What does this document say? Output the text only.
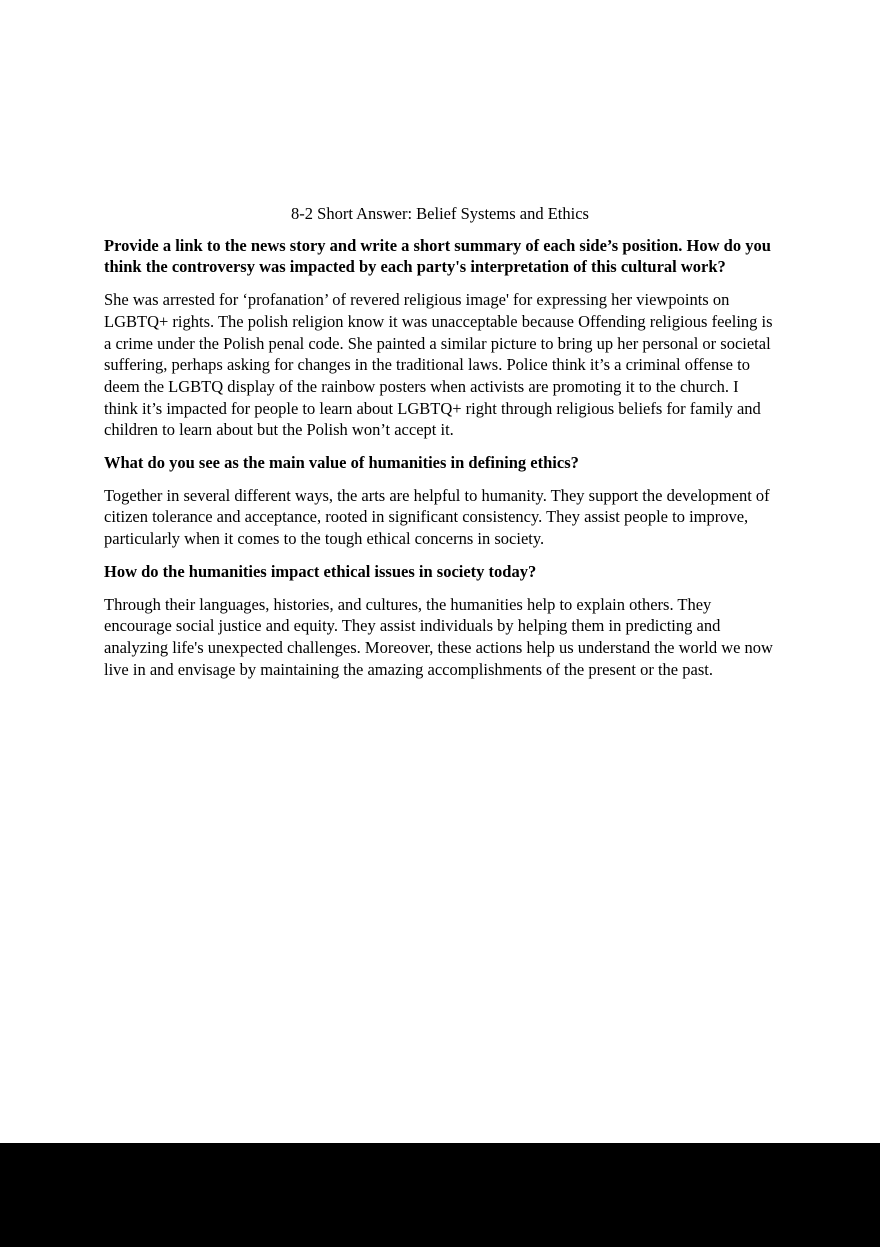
8-2 Short Answer: Belief Systems and Ethics

Provide a link to the news story and write a short summary of each side’s position. How do you think the controversy was impacted by each party's interpretation of this cultural work?

She was arrested for ‘profanation’ of revered religious image' for expressing her viewpoints on LGBTQ+ rights. The polish religion know it was unacceptable because Offending religious feeling is a crime under the Polish penal code. She painted a similar picture to bring up her personal or societal suffering, perhaps asking for changes in the traditional laws. Police think it’s a criminal offense to deem the LGBTQ display of the rainbow posters when activists are promoting it to the church. I think it’s impacted for people to learn about LGBTQ+ right through religious beliefs for family and children to learn about but the Polish won’t accept it.

What do you see as the main value of humanities in defining ethics?

Together in several different ways, the arts are helpful to humanity. They support the development of citizen tolerance and acceptance, rooted in significant consistency. They assist people to improve, particularly when it comes to the tough ethical concerns in society.

How do the humanities impact ethical issues in society today?

Through their languages, histories, and cultures, the humanities help to explain others. They encourage social justice and equity. They assist individuals by helping them in predicting and analyzing life's unexpected challenges. Moreover, these actions help us understand the world we now live in and envisage by maintaining the amazing accomplishments of the present or the past.
